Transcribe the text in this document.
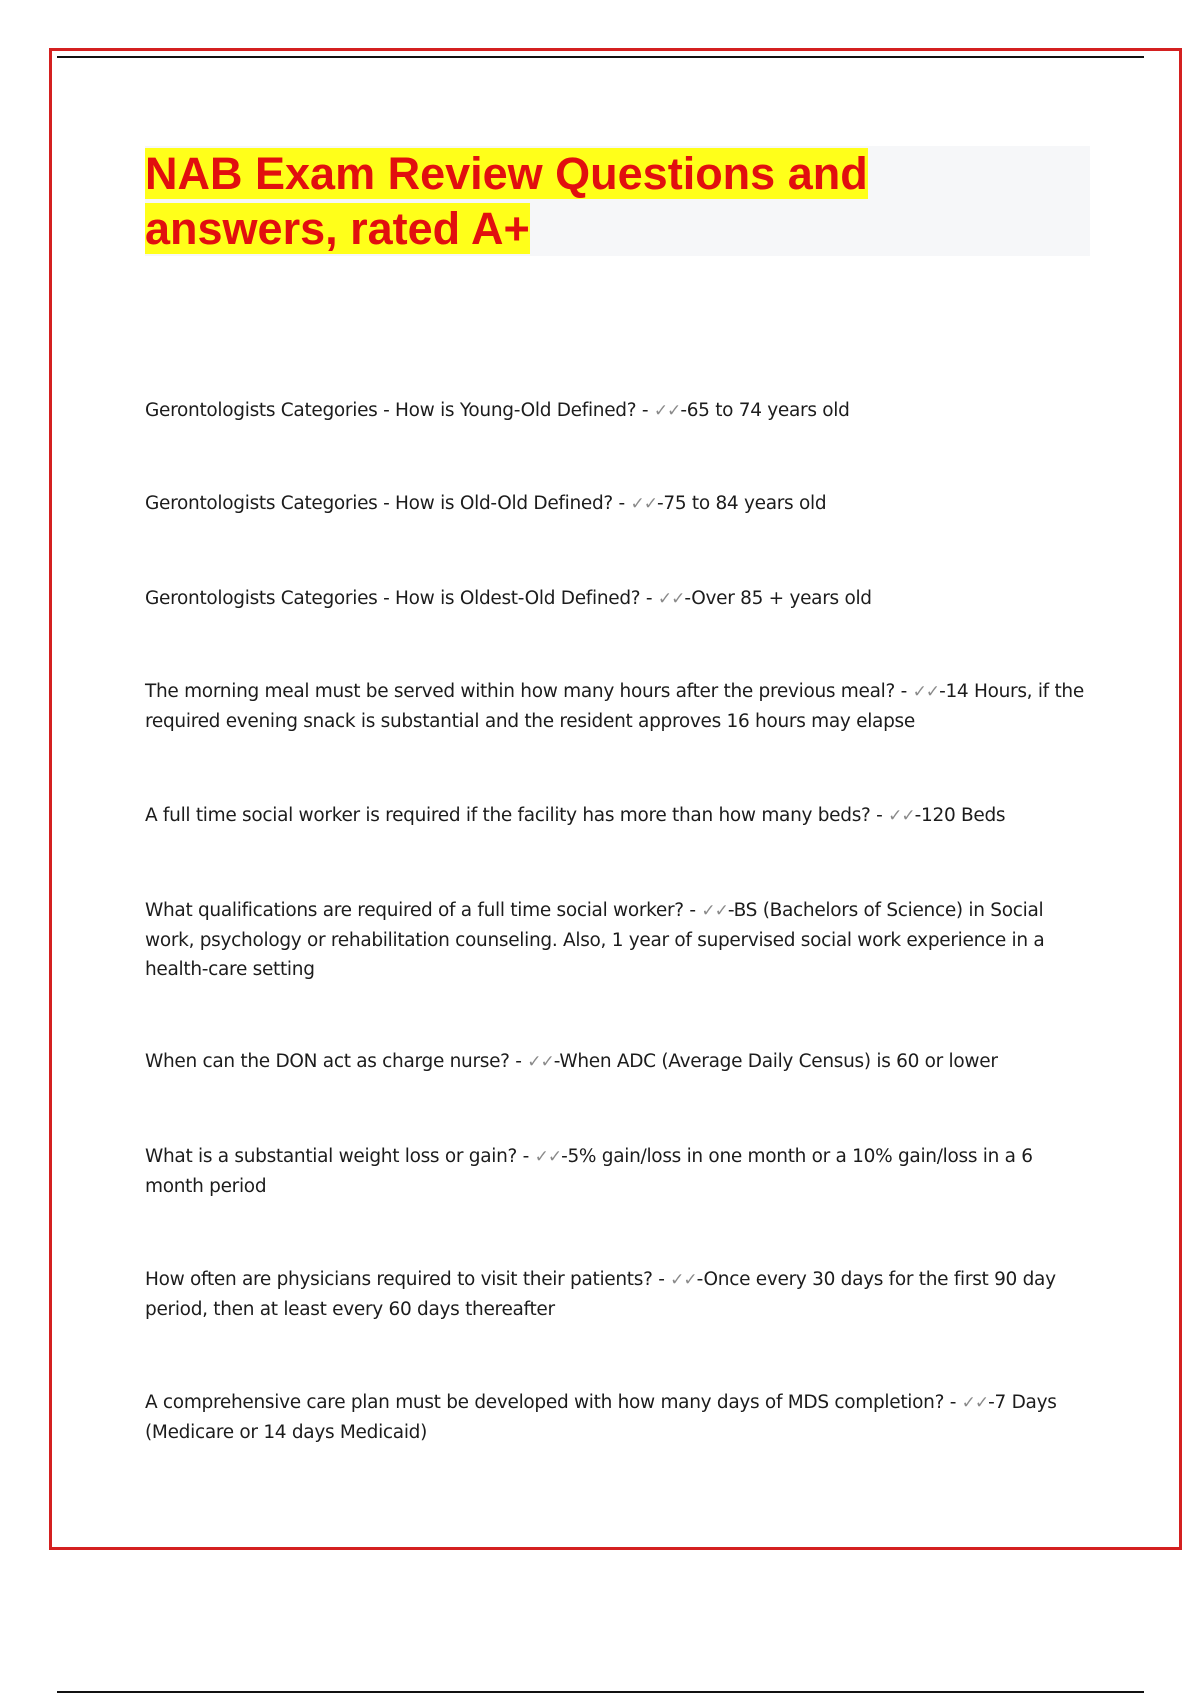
NAB Exam Review Questions and answers, rated A+

Gerontologists Categories - How is Young-Old Defined? - ✓✓-65 to 74 years old

Gerontologists Categories - How is Old-Old Defined? - ✓✓-75 to 84 years old

Gerontologists Categories - How is Oldest-Old Defined? - ✓✓-Over 85 + years old

The morning meal must be served within how many hours after the previous meal? - ✓✓-14 Hours, if the required evening snack is substantial and the resident approves 16 hours may elapse

A full time social worker is required if the facility has more than how many beds? - ✓✓-120 Beds

What qualifications are required of a full time social worker? - ✓✓-BS (Bachelors of Science) in Social work, psychology or rehabilitation counseling. Also, 1 year of supervised social work experience in a health-care setting

When can the DON act as charge nurse? - ✓✓-When ADC (Average Daily Census) is 60 or lower

What is a substantial weight loss or gain? - ✓✓-5% gain/loss in one month or a 10% gain/loss in a 6 month period

How often are physicians required to visit their patients? - ✓✓-Once every 30 days for the first 90 day period, then at least every 60 days thereafter

A comprehensive care plan must be developed with how many days of MDS completion? - ✓✓-7 Days (Medicare or 14 days Medicaid)
